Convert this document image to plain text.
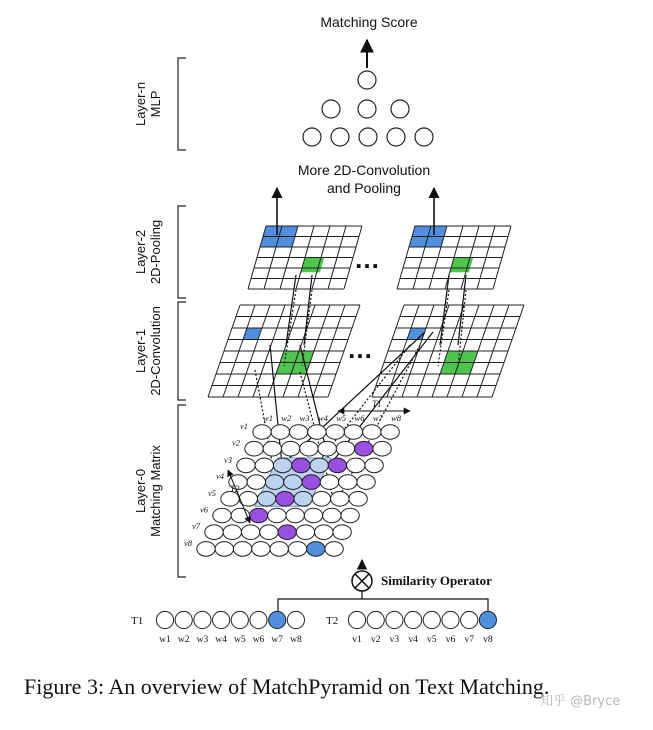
Matching Score
Layer-n MLP
Layer-2 2D-Pooling
Layer-1 2D-Convolution
Layer-0 Matching Matrix
More 2D-Convolution
and Pooling
…
…
w1 w2 w3 w4 w5 w6 w7 w8
v1
v2
v3
v4
v5
v6
v7
v8
T1
T2
Similarity Operator
T1
w1 w2 w3 w4 w5 w6 w7 w8
T2
v1 v2 v3 v4 v5 v6 v7 v8
Figure 3: An overview of MatchPyramid on Text Matching.
知乎 @Bryce
